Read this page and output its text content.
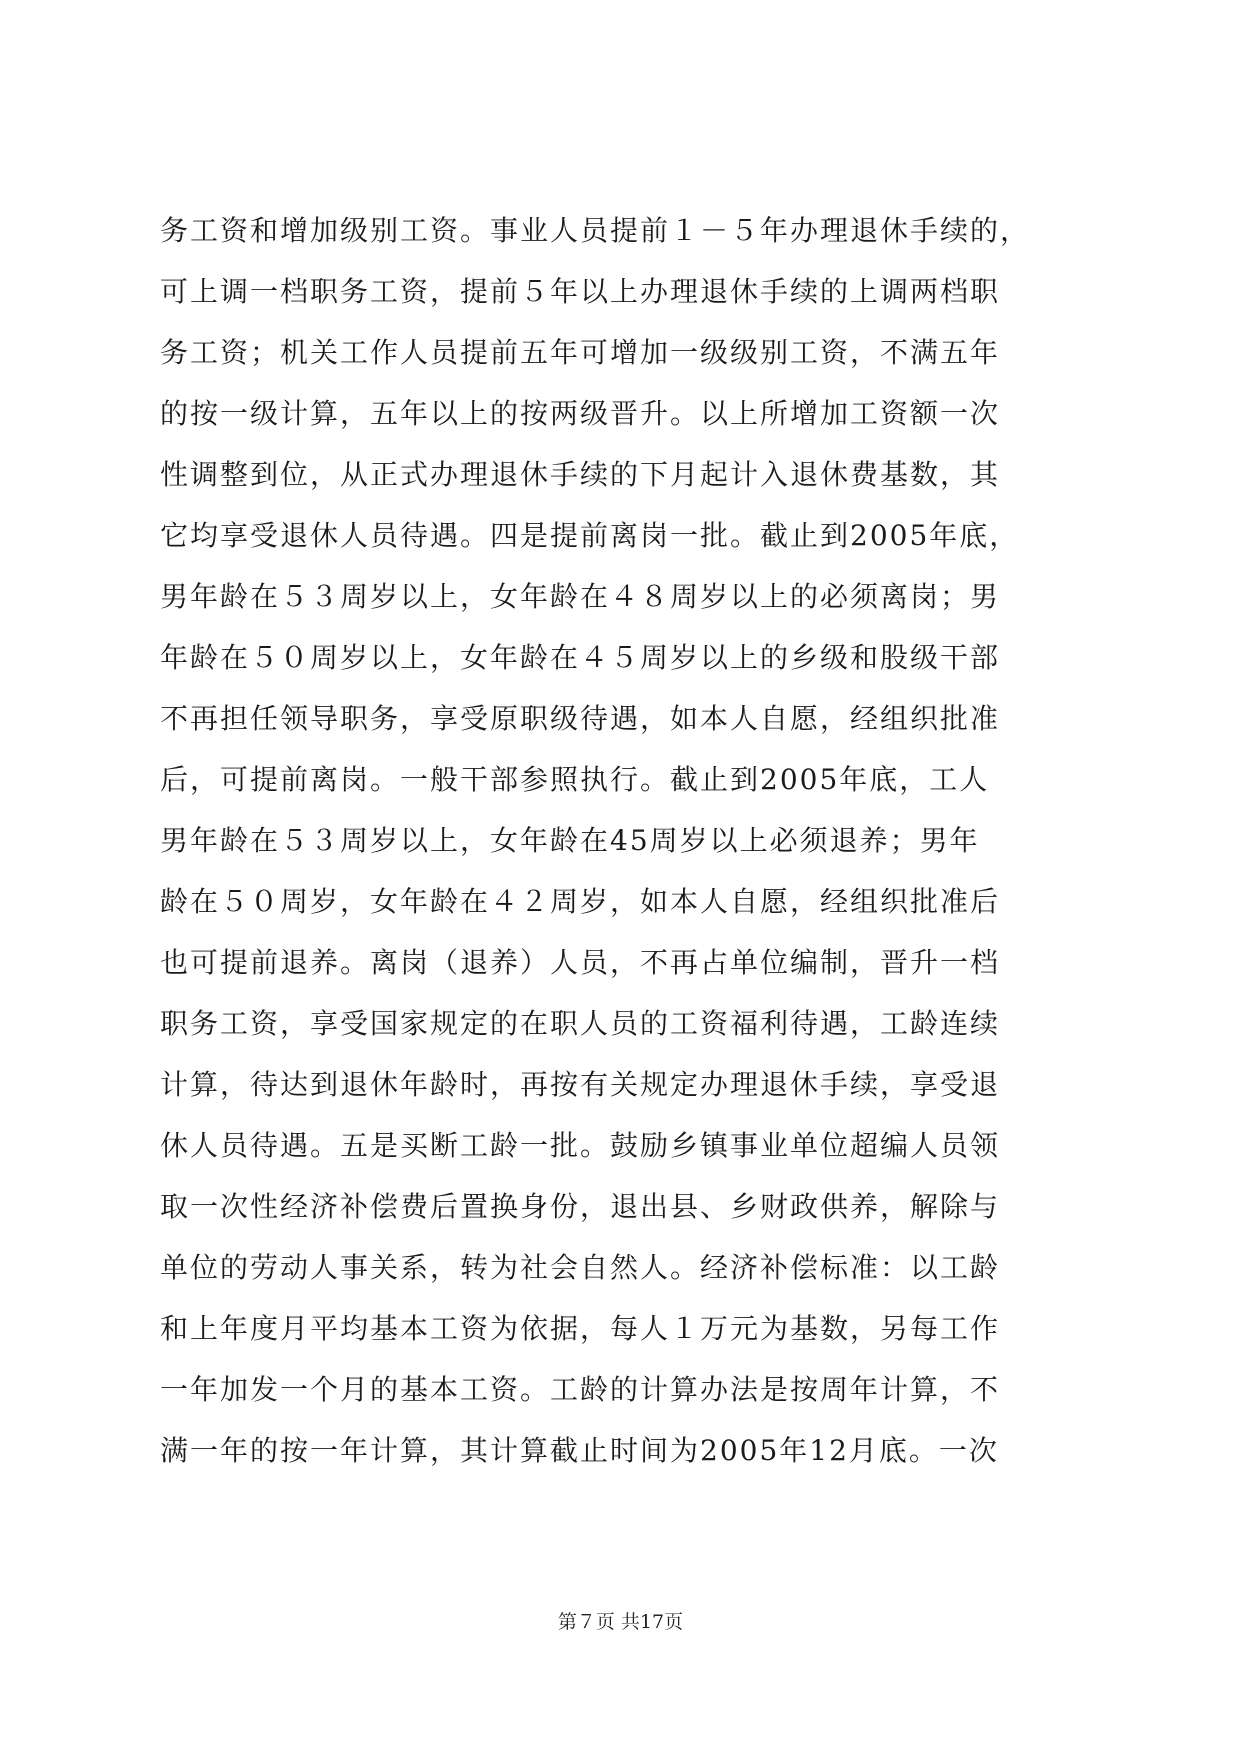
务工资和增加级别工资。事业人员提前１－５年办理退休手续的，
可上调一档职务工资，提前５年以上办理退休手续的上调两档职
务工资；机关工作人员提前五年可增加一级级别工资，不满五年
的按一级计算，五年以上的按两级晋升。以上所增加工资额一次
性调整到位，从正式办理退休手续的下月起计入退休费基数，其
它均享受退休人员待遇。四是提前离岗一批。截止到2005年底，
男年龄在５３周岁以上，女年龄在４８周岁以上的必须离岗；男
年龄在５０周岁以上，女年龄在４５周岁以上的乡级和股级干部
不再担任领导职务，享受原职级待遇，如本人自愿，经组织批准
后，可提前离岗。一般干部参照执行。截止到2005年底，工人
男年龄在５３周岁以上，女年龄在45周岁以上必须退养；男年
龄在５０周岁，女年龄在４２周岁，如本人自愿，经组织批准后
也可提前退养。离岗（退养）人员，不再占单位编制，晋升一档
职务工资，享受国家规定的在职人员的工资福利待遇，工龄连续
计算，待达到退休年龄时，再按有关规定办理退休手续，享受退
休人员待遇。五是买断工龄一批。鼓励乡镇事业单位超编人员领
取一次性经济补偿费后置换身份，退出县、乡财政供养，解除与
单位的劳动人事关系，转为社会自然人。经济补偿标准：以工龄
和上年度月平均基本工资为依据，每人１万元为基数，另每工作
一年加发一个月的基本工资。工龄的计算办法是按周年计算，不
满一年的按一年计算，其计算截止时间为2005年12月底。一次
第７页 共17页
